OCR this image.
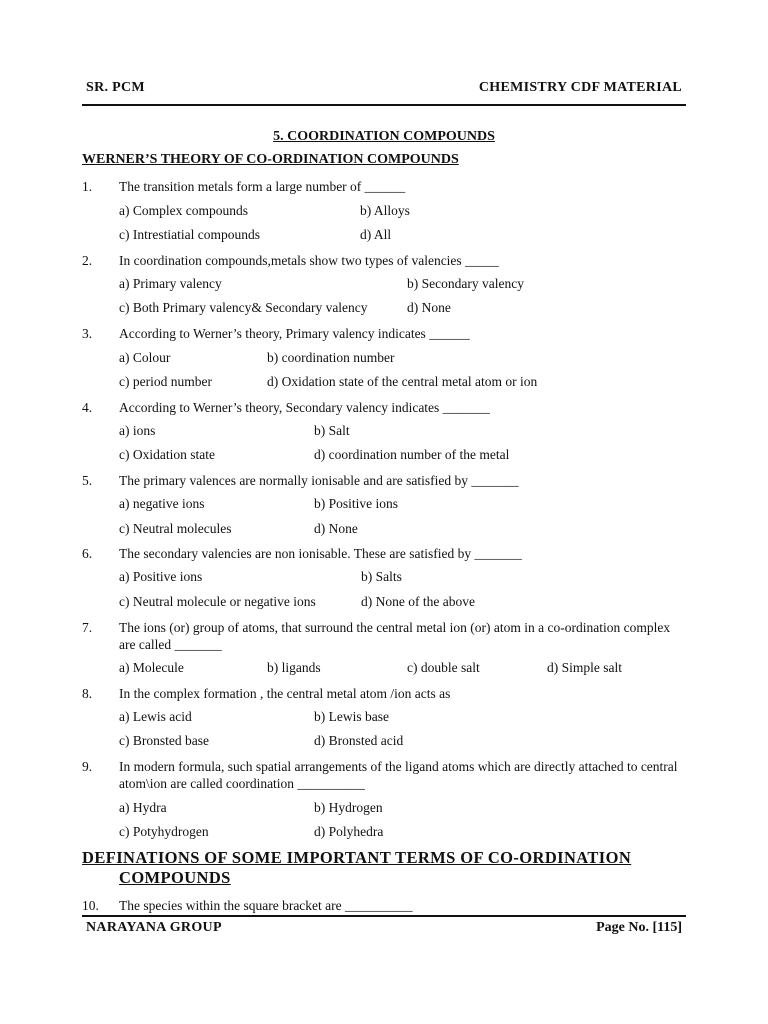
SR. PCM	CHEMISTRY CDF MATERIAL
5. COORDINATION COMPOUNDS
WERNER’S THEORY OF CO-ORDINATION COMPOUNDS
1.	The transition metals form a large number of ______
a) Complex compounds	b) Alloys
c) Intrestiatial compounds	d) All
2.	In coordination compounds,metals show two types of valencies _____
a) Primary valency	b) Secondary valency
c) Both Primary valency& Secondary valency	d) None
3.	According to Werner’s theory, Primary valency indicates ______
a) Colour	b) coordination number
c) period number	d) Oxidation state of the central metal atom or ion
4.	According to Werner’s theory, Secondary valency indicates _______
a) ions	b) Salt
c) Oxidation state	d) coordination number of the metal
5.	The primary valences are normally ionisable and are satisfied by _______
a) negative ions	b) Positive ions
c) Neutral molecules	d) None
6.	The secondary valencies are non ionisable. These are satisfied by _______
a) Positive ions	b) Salts
c) Neutral molecule or negative ions	d) None of the above
7.	The ions (or) group of atoms, that surround the central metal ion (or) atom in a co-ordination complex are called _______
a) Molecule	b) ligands	c) double salt	d) Simple salt
8.	In the complex formation , the central metal atom /ion acts as
a) Lewis acid	b) Lewis base
c) Bronsted base	d) Bronsted acid
9.	In modern formula, such spatial arrangements of the ligand atoms which are directly attached to central atom\ion are called coordination __________
a) Hydra	b) Hydrogen
c) Potyhydrogen	d) Polyhedra
DEFINATIONS OF SOME IMPORTANT TERMS OF CO-ORDINATION
COMPOUNDS
10.	The species within the square bracket are __________
NARAYANA GROUP	Page No. [115]
